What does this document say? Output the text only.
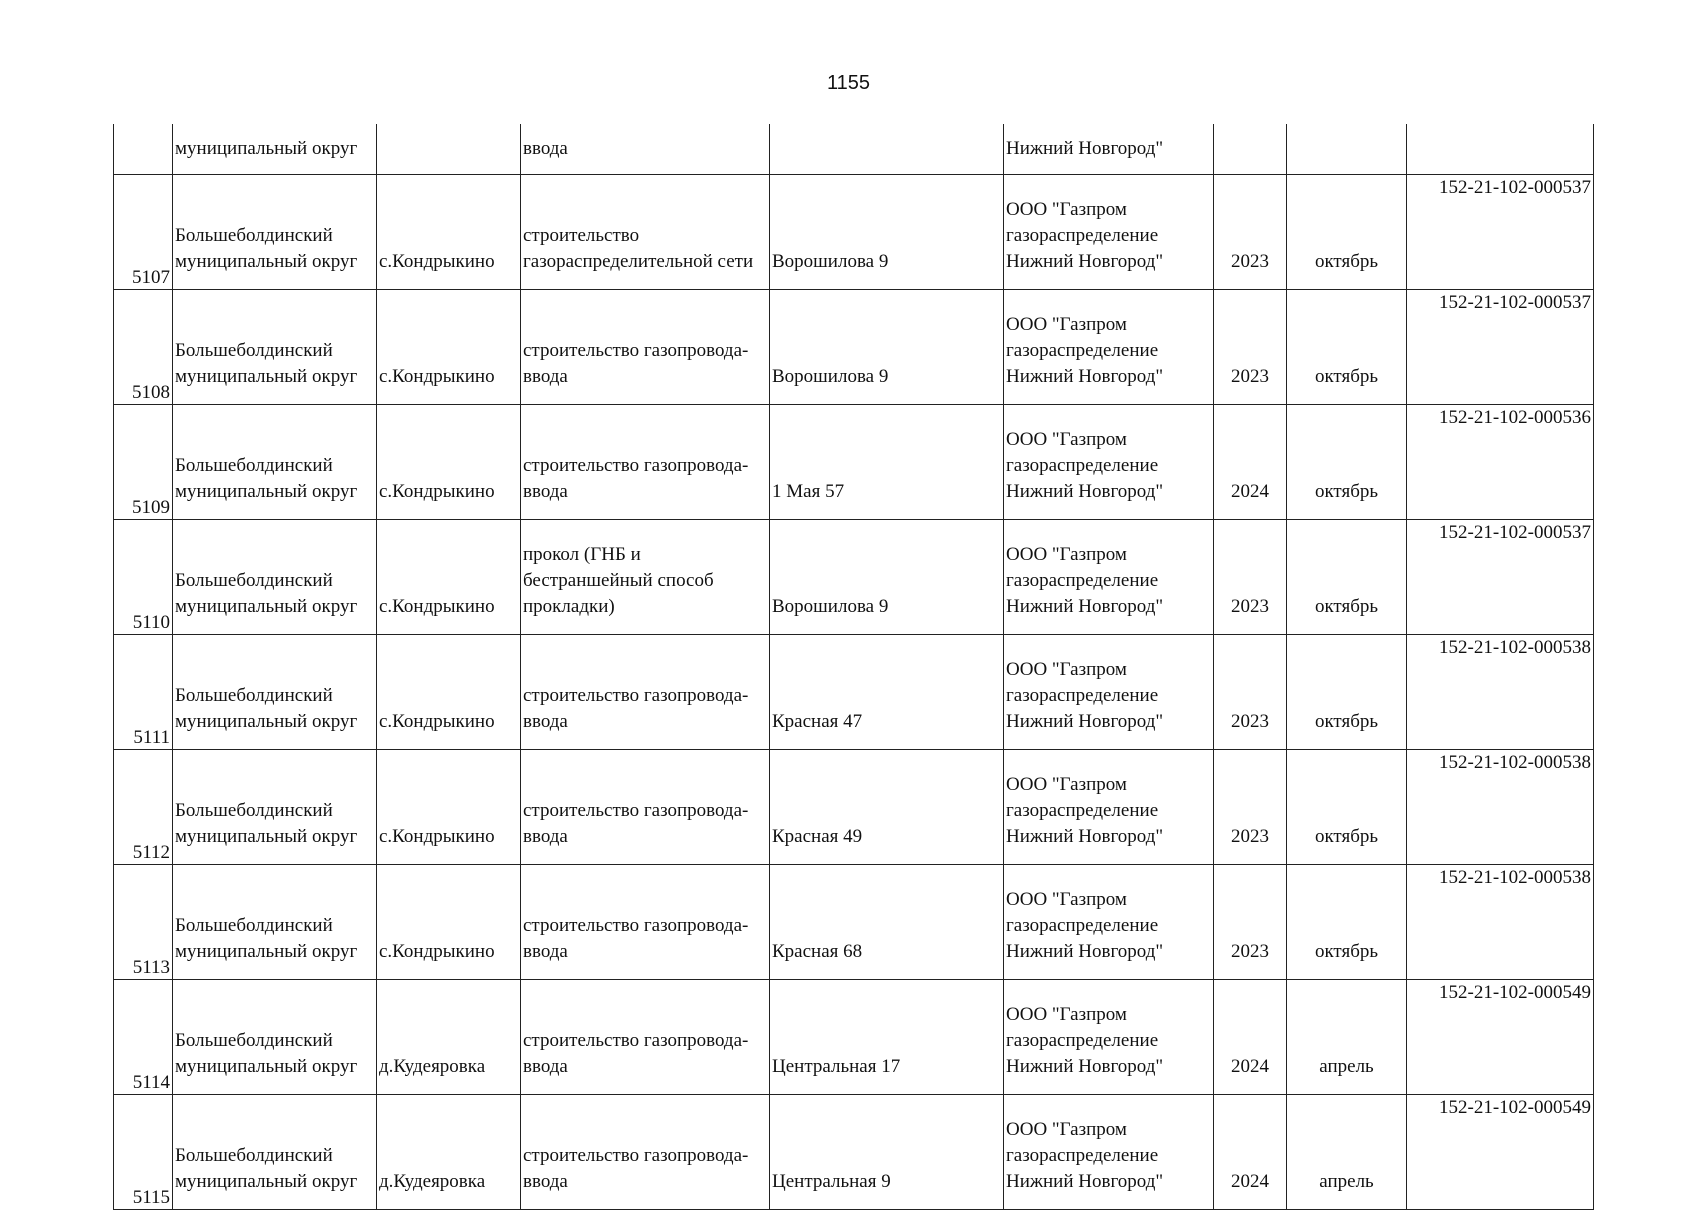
1155
	муниципальный округ		ввода		Нижний Новгород"			
5107	Большеболдинский
муниципальный округ	с.Кондрыкино	строительство
газораспределительной сети	Ворошилова 9	ООО "Газпром
газораспределение
Нижний Новгород"	2023	октябрь	152-21-102-000537
5108	Большеболдинский
муниципальный округ	с.Кондрыкино	строительство газопровода-
ввода	Ворошилова 9	ООО "Газпром
газораспределение
Нижний Новгород"	2023	октябрь	152-21-102-000537
5109	Большеболдинский
муниципальный округ	с.Кондрыкино	строительство газопровода-
ввода	1 Мая 57	ООО "Газпром
газораспределение
Нижний Новгород"	2024	октябрь	152-21-102-000536
5110	Большеболдинский
муниципальный округ	с.Кондрыкино	прокол (ГНБ и
бестраншейный способ
прокладки)	Ворошилова 9	ООО "Газпром
газораспределение
Нижний Новгород"	2023	октябрь	152-21-102-000537
5111	Большеболдинский
муниципальный округ	с.Кондрыкино	строительство газопровода-
ввода	Красная 47	ООО "Газпром
газораспределение
Нижний Новгород"	2023	октябрь	152-21-102-000538
5112	Большеболдинский
муниципальный округ	с.Кондрыкино	строительство газопровода-
ввода	Красная 49	ООО "Газпром
газораспределение
Нижний Новгород"	2023	октябрь	152-21-102-000538
5113	Большеболдинский
муниципальный округ	с.Кондрыкино	строительство газопровода-
ввода	Красная 68	ООО "Газпром
газораспределение
Нижний Новгород"	2023	октябрь	152-21-102-000538
5114	Большеболдинский
муниципальный округ	д.Кудеяровка	строительство газопровода-
ввода	Центральная 17	ООО "Газпром
газораспределение
Нижний Новгород"	2024	апрель	152-21-102-000549
5115	Большеболдинский
муниципальный округ	д.Кудеяровка	строительство газопровода-
ввода	Центральная 9	ООО "Газпром
газораспределение
Нижний Новгород"	2024	апрель	152-21-102-000549
